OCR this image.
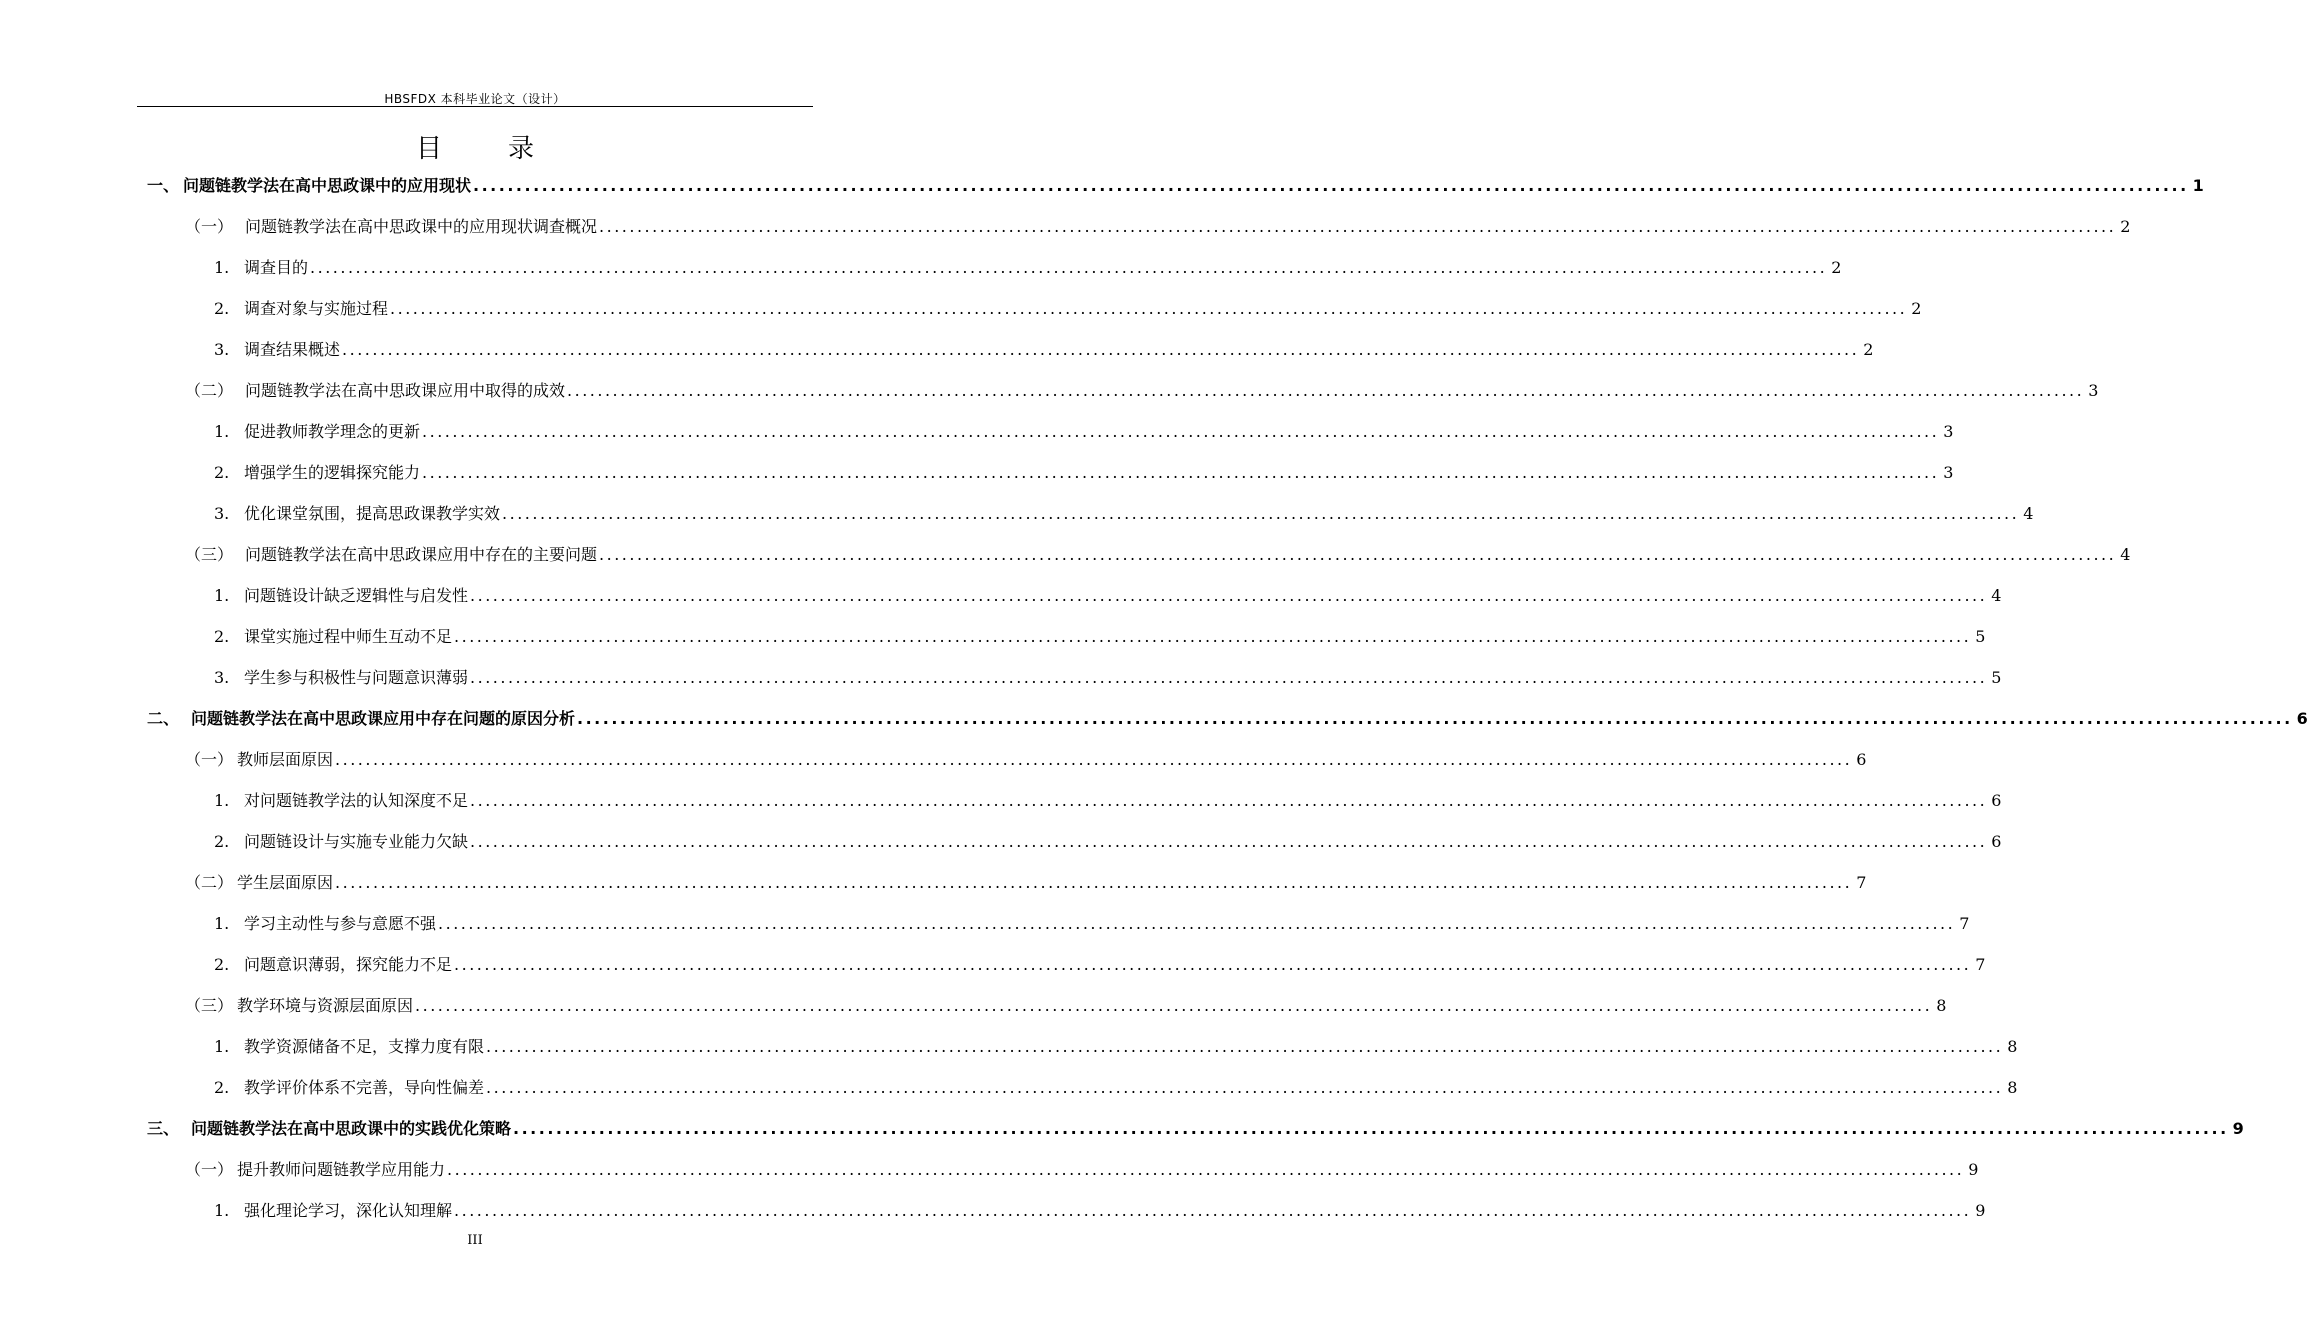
HBSFDX 本科毕业论文（设计）
目　录
一、 问题链教学法在高中思政课中的应用现状 ........................................................................................................................................................................................................ 1
（一） 问题链教学法在高中思政课中的应用现状调查概况 ........................................................................................................................................................................................................ 2
1. 调查目的 ........................................................................................................................................................................................................ 2
2. 调查对象与实施过程 ........................................................................................................................................................................................................ 2
3. 调查结果概述 ........................................................................................................................................................................................................ 2
（二） 问题链教学法在高中思政课应用中取得的成效 ........................................................................................................................................................................................................ 3
1. 促进教师教学理念的更新 ........................................................................................................................................................................................................ 3
2. 增强学生的逻辑探究能力 ........................................................................................................................................................................................................ 3
3. 优化课堂氛围，提高思政课教学实效 ........................................................................................................................................................................................................ 4
（三） 问题链教学法在高中思政课应用中存在的主要问题 ........................................................................................................................................................................................................ 4
1. 问题链设计缺乏逻辑性与启发性 ........................................................................................................................................................................................................ 4
2. 课堂实施过程中师生互动不足 ........................................................................................................................................................................................................ 5
3. 学生参与积极性与问题意识薄弱 ........................................................................................................................................................................................................ 5
二、 问题链教学法在高中思政课应用中存在问题的原因分析 ........................................................................................................................................................................................................ 6
（一） 教师层面原因 ........................................................................................................................................................................................................ 6
1. 对问题链教学法的认知深度不足 ........................................................................................................................................................................................................ 6
2. 问题链设计与实施专业能力欠缺 ........................................................................................................................................................................................................ 6
（二） 学生层面原因 ........................................................................................................................................................................................................ 7
1. 学习主动性与参与意愿不强 ........................................................................................................................................................................................................ 7
2. 问题意识薄弱，探究能力不足 ........................................................................................................................................................................................................ 7
（三） 教学环境与资源层面原因 ........................................................................................................................................................................................................ 8
1. 教学资源储备不足，支撑力度有限 ........................................................................................................................................................................................................ 8
2. 教学评价体系不完善，导向性偏差 ........................................................................................................................................................................................................ 8
三、 问题链教学法在高中思政课中的实践优化策略 ........................................................................................................................................................................................................ 9
（一） 提升教师问题链教学应用能力 ........................................................................................................................................................................................................ 9
1. 强化理论学习，深化认知理解 ........................................................................................................................................................................................................ 9
III
